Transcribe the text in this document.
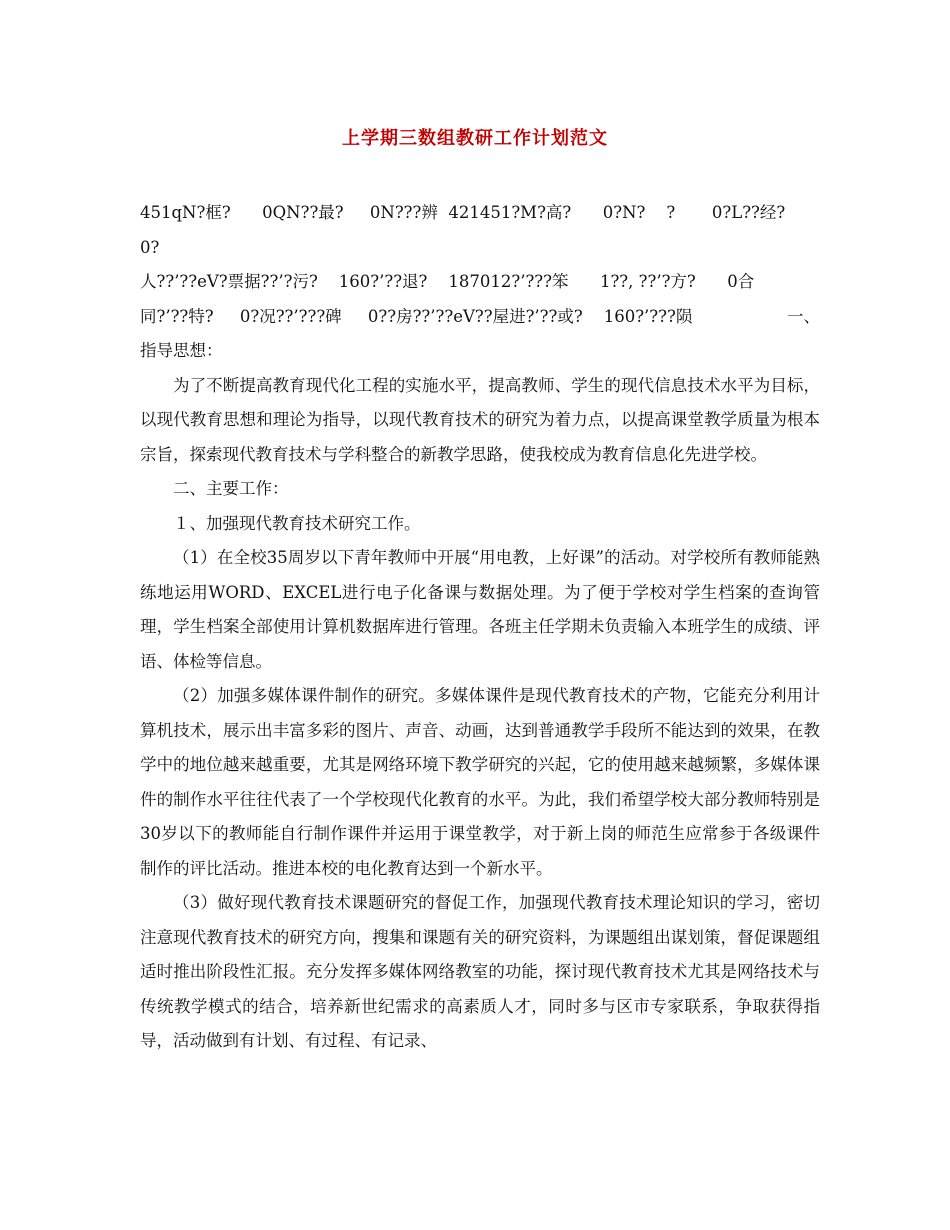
上学期三数组教研工作计划范文

451qN?框?      0QN??最?     0N???辨  421451?M?高?      0?N?    ?       0?L??经?    0?

人??’??eV?票据??’?污?    160?’??退?    187012?’???笨      1??, ??’?方?      0合

同?’??特?     0?况??’???碑     0??房??’??eV??屋进?’??或?    160?’???陨	一、

指导思想：

为了不断提高教育现代化工程的实施水平，提高教师、学生的现代信息技术水平为目标，以现代教育思想和理论为指导，以现代教育技术的研究为着力点，以提高课堂教学质量为根本宗旨，探索现代教育技术与学科整合的新教学思路，使我校成为教育信息化先进学校。

二、主要工作：

１、加强现代教育技术研究工作。

（1）在全校35周岁以下青年教师中开展“用电教，上好课”的活动。对学校所有教师能熟练地运用WORD、EXCEL进行电子化备课与数据处理。为了便于学校对学生档案的查询管理，学生档案全部使用计算机数据库进行管理。各班主任学期未负责输入本班学生的成绩、评语、体检等信息。

（2）加强多媒体课件制作的研究。多媒体课件是现代教育技术的产物，它能充分利用计算机技术，展示出丰富多彩的图片、声音、动画，达到普通教学手段所不能达到的效果，在教学中的地位越来越重要，尤其是网络环境下教学研究的兴起，它的使用越来越频繁，多媒体课件的制作水平往往代表了一个学校现代化教育的水平。为此，我们希望学校大部分教师特别是30岁以下的教师能自行制作课件并运用于课堂教学，对于新上岗的师范生应常参于各级课件制作的评比活动。推进本校的电化教育达到一个新水平。

（3）做好现代教育技术课题研究的督促工作，加强现代教育技术理论知识的学习，密切注意现代教育技术的研究方向，搜集和课题有关的研究资料，为课题组出谋划策，督促课题组适时推出阶段性汇报。充分发挥多媒体网络教室的功能，探讨现代教育技术尤其是网络技术与传统教学模式的结合，培养新世纪需求的高素质人才，同时多与区市专家联系，争取获得指导，活动做到有计划、有过程、有记录、
